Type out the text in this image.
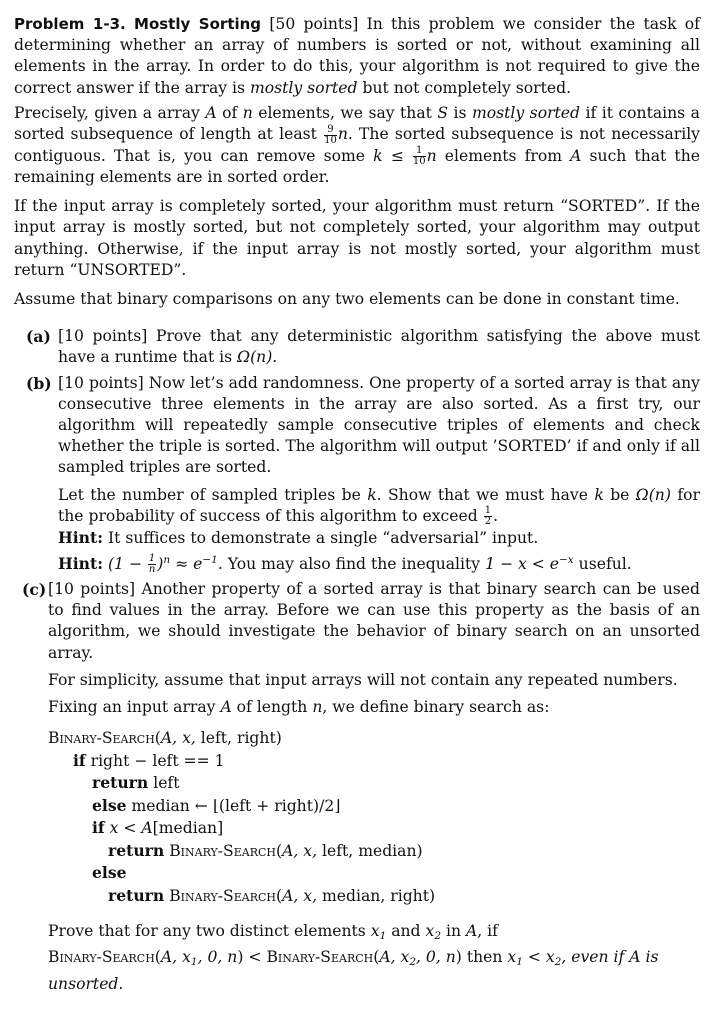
Problem 1-3. Mostly Sorting [50 points] In this problem we consider the task of determining whether an array of numbers is sorted or not, without examining all elements in the array. In order to do this, your algorithm is not required to give the correct answer if the array is mostly sorted but not completely sorted.

Precisely, given a array A of n elements, we say that S is mostly sorted if it contains a sorted subsequence of length at least $\frac{9}{10} n$. The sorted subsequence is not necessarily contiguous. That is, you can remove some $k \le \frac{1}{10}$ n elements from A such that the remaining elements are in sorted order.

If the input array is completely sorted, your algorithm must return “SORTED”. If the input array is mostly sorted, but not completely sorted, your algorithm may output anything. Otherwise, if the input array is not mostly sorted, your algorithm must return “UNSORTED”.

Assume that binary comparisons on any two elements can be done in constant time.

(a) [10 points] Prove that any deterministic algorithm satisfying the above must have a runtime that is Ω(n).

(b) [10 points] Now let’s add randomness. One property of a sorted array is that any consecutive three elements in the array are also sorted. As a first try, our algorithm will repeatedly sample consecutive triples of elements and check whether the triple is sorted. The algorithm will output ’SORTED’ if and only if all sampled triples are sorted.

Let the number of sampled triples be k. Show that we must have k be Ω(n) for the probability of success of this algorithm to exceed $\frac{1}{2}$ .

Hint: It suffices to demonstrate a single “adversarial” input.

Hint: $(1 - \frac{1}{n} )^n \approx e^{-1}$. You may also find the inequality $1 - x < e^{-x}$ useful.

(c) [10 points] Another property of a sorted array is that binary search can be used to find values in the array. Before we can use this property as the basis of an algorithm, we should investigate the behavior of binary search on an unsorted array.

For simplicity, assume that input arrays will not contain any repeated numbers.

Fixing an input array A of length n, we define binary search as:

Binary-Search(A, x, left, right)
if right − left == 1
return left
else median ← ⌊(left + right)/2⌋
if x < A[median]
return Binary-Search(A, x, left, median)
else
return Binary-Search(A, x, median, right)

Prove that for any two distinct elements $x_1$ and $x_2$ in A, if

Binary-Search(A, $x_1$, 0, n) < Binary-Search(A, $x_2$, 0, n) then $x_1 < x_2$, even if A is unsorted.
